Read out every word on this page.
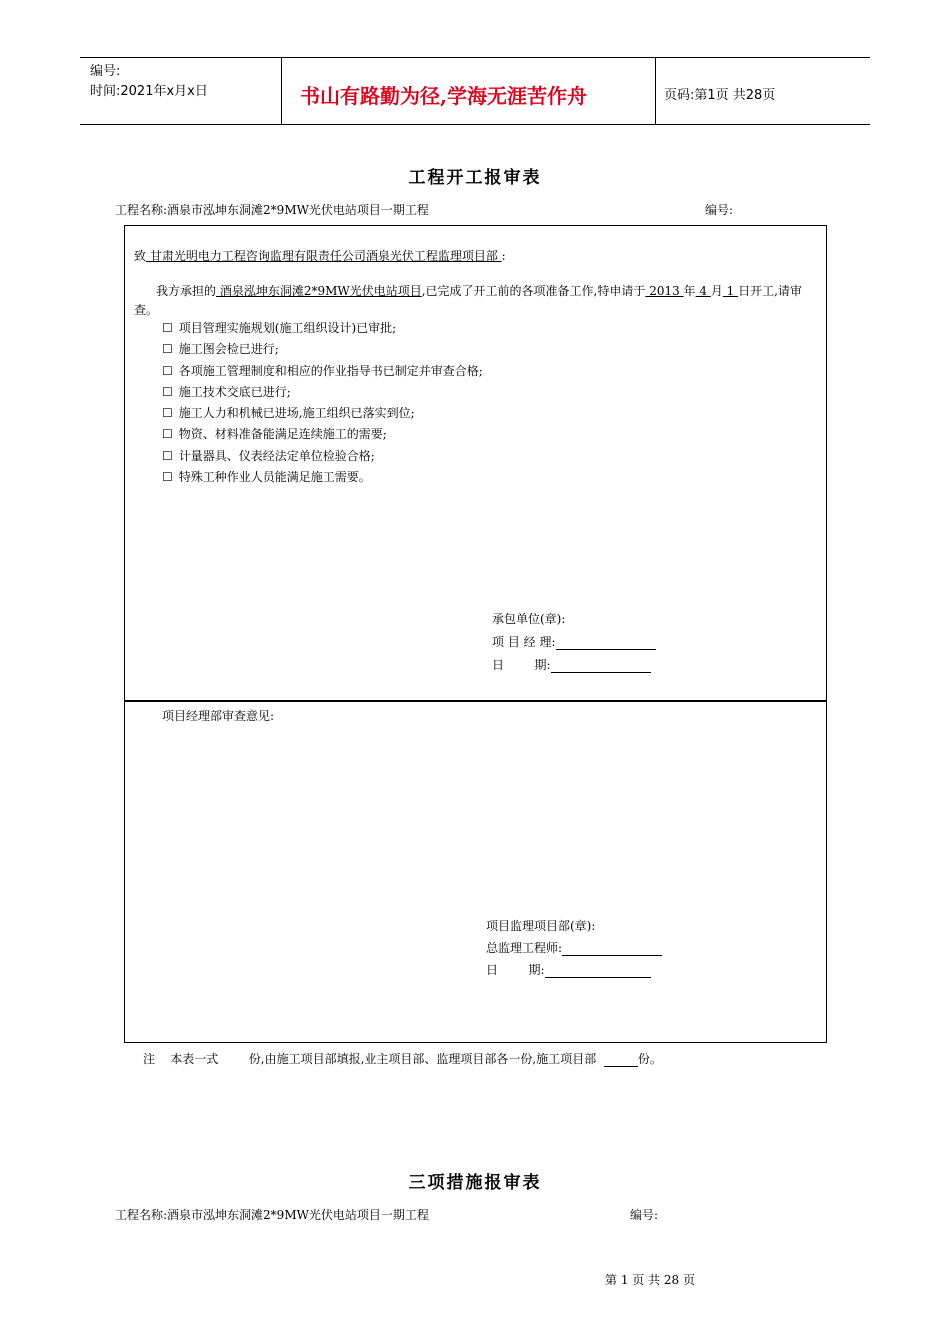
编号:
时间:2021年x月x日	书山有路勤为径,学海无涯苦作舟	页码:第1页 共28页
工程开工报审表
工程名称:酒泉市泓坤东洞滩2*9MW光伏电站项目一期工程	编号:
致 甘肃光明电力工程咨询监理有限责任公司酒泉光伏工程监理项目部 :
我方承担的 酒泉泓坤东洞滩2*9MW光伏电站项目,已完成了开工前的各项准备工作,特申请于 2013 年 4 月 1 日开工,请审查。
☐ 项目管理实施规划(施工组织设计)已审批;
☐ 施工图会检已进行;
☐ 各项施工管理制度和相应的作业指导书已制定并审查合格;
☐ 施工技术交底已进行;
☐ 施工人力和机械已进场,施工组织已落实到位;
☐ 物资、材料准备能满足连续施工的需要;
☐ 计量器具、仪表经法定单位检验合格;
☐ 特殊工种作业人员能满足施工需要。
承包单位(章):
项 目 经 理:
日        期:
项目经理部审查意见:
项目监理项目部(章):
总监理工程师:
日        期:
注    本表一式        份,由施工项目部填报,业主项目部、监理项目部各一份,施工项目部	份。
三项措施报审表
工程名称:酒泉市泓坤东洞滩2*9MW光伏电站项目一期工程	编号:
第 1 页 共 28 页
